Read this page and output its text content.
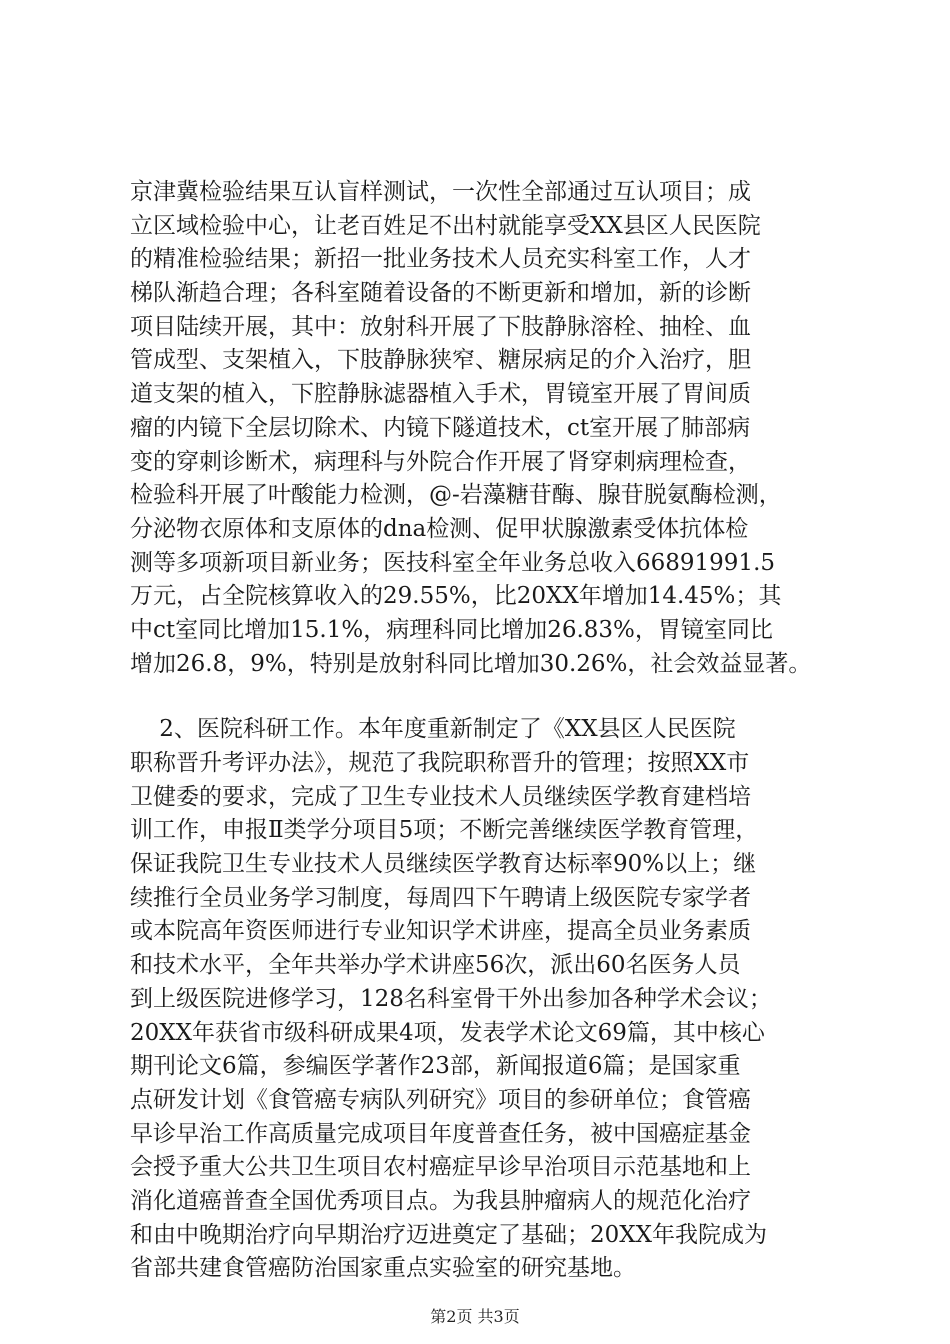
京津冀检验结果互认盲样测试，一次性全部通过互认项目；成
立区域检验中心，让老百姓足不出村就能享受XX县区人民医院
的精准检验结果；新招一批业务技术人员充实科室工作，人才
梯队渐趋合理；各科室随着设备的不断更新和增加，新的诊断
项目陆续开展，其中：放射科开展了下肢静脉溶栓、抽栓、血
管成型、支架植入，下肢静脉狭窄、糖尿病足的介入治疗，胆
道支架的植入，下腔静脉滤器植入手术，胃镜室开展了胃间质
瘤的内镜下全层切除术、内镜下隧道技术，ct室开展了肺部病
变的穿刺诊断术，病理科与外院合作开展了肾穿刺病理检查，
检验科开展了叶酸能力检测，@-岩藻糖苷酶、腺苷脱氨酶检测，
分泌物衣原体和支原体的dna检测、促甲状腺激素受体抗体检
测等多项新项目新业务；医技科室全年业务总收入66891991.5
万元，占全院核算收入的29.55%，比20XX年增加14.45%；其
中ct室同比增加15.1%，病理科同比增加26.83%，胃镜室同比
增加26.8，9%，特别是放射科同比增加30.26%，社会效益显著。

2、医院科研工作。本年度重新制定了《XX县区人民医院
职称晋升考评办法》，规范了我院职称晋升的管理；按照XX市
卫健委的要求，完成了卫生专业技术人员继续医学教育建档培
训工作，申报Ⅱ类学分项目5项；不断完善继续医学教育管理，
保证我院卫生专业技术人员继续医学教育达标率90%以上；继
续推行全员业务学习制度，每周四下午聘请上级医院专家学者
或本院高年资医师进行专业知识学术讲座，提高全员业务素质
和技术水平，全年共举办学术讲座56次，派出60名医务人员
到上级医院进修学习，128名科室骨干外出参加各种学术会议；
20XX年获省市级科研成果4项，发表学术论文69篇，其中核心
期刊论文6篇，参编医学著作23部，新闻报道6篇；是国家重
点研发计划《食管癌专病队列研究》项目的参研单位；食管癌
早诊早治工作高质量完成项目年度普查任务，被中国癌症基金
会授予重大公共卫生项目农村癌症早诊早治项目示范基地和上
消化道癌普查全国优秀项目点。为我县肿瘤病人的规范化治疗
和由中晚期治疗向早期治疗迈进奠定了基础；20XX年我院成为
省部共建食管癌防治国家重点实验室的研究基地。

第2页 共3页
